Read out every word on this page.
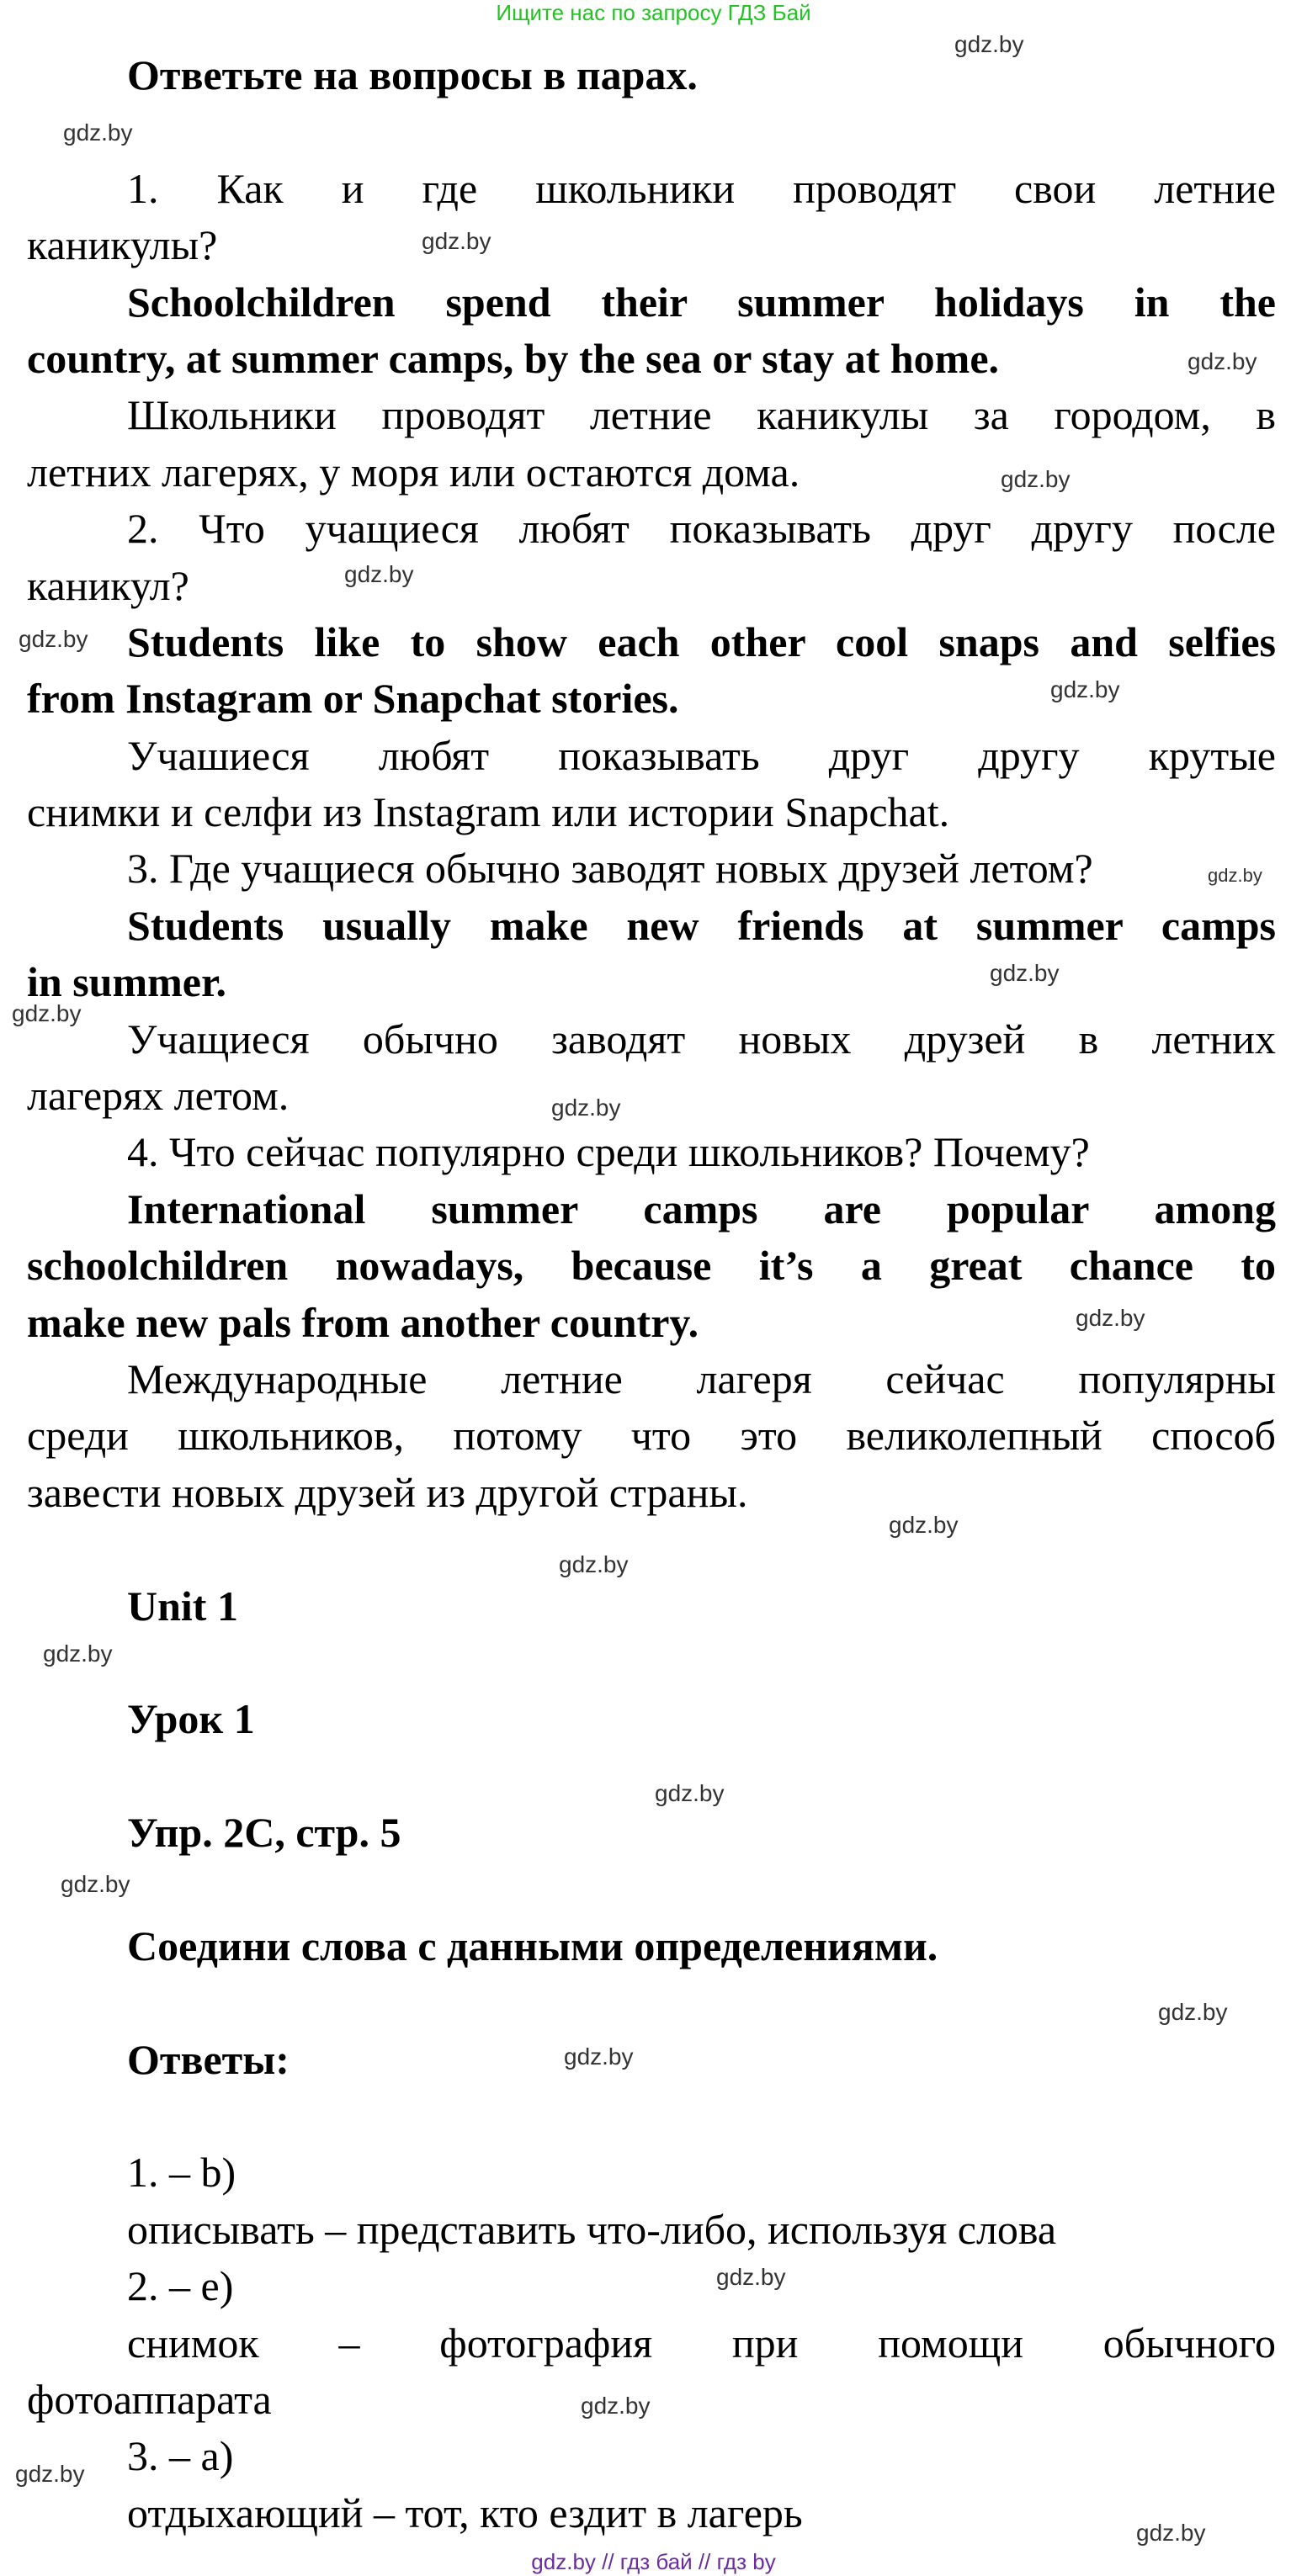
Ищите нас по запросу ГДЗ Бай
Ответьте на вопросы в парах.
1. Как и где школьники проводят свои летние
каникулы?
Schoolchildren spend their summer holidays in the
country, at summer camps, by the sea or stay at home.
Школьники проводят летние каникулы за городом, в
летних лагерях, у моря или остаются дома.
2. Что учащиеся любят показывать друг другу после
каникул?
Students like to show each other cool snaps and selfies
from Instagram or Snapchat stories.
Учашиеся любят показывать друг другу крутые
снимки и селфи из Instagram или истории Snapchat.
3. Где учащиеся обычно заводят новых друзей летом?
Students usually make new friends at summer camps
in summer.
Учащиеся обычно заводят новых друзей в летних
лагерях летом.
4. Что сейчас популярно среди школьников? Почему?
International summer camps are popular among
schoolchildren nowadays, because it’s a great chance to
make new pals from another country.
Международные летние лагеря сейчас популярны
среди школьников, потому что это великолепный способ
завести новых друзей из другой страны.
Unit 1
Урок 1
Упр. 2С, стр. 5
Соедини слова с данными определениями.
Ответы:
1. – b)
описывать – представить что-либо, используя слова
2. – e)
снимок – фотография при помощи обычного
фотоаппарата
3. – a)
отдыхающий – тот, кто ездит в лагерь
gdz.by
gdz.by
gdz.by
gdz.by
gdz.by
gdz.by
gdz.by
gdz.by
gdz.by
gdz.by
gdz.by
gdz.by
gdz.by
gdz.by
gdz.by
gdz.by
gdz.by
gdz.by
gdz.by
gdz.by
gdz.by
gdz.by
gdz.by
gdz.by
gdz.by // гдз бай // гдз by
